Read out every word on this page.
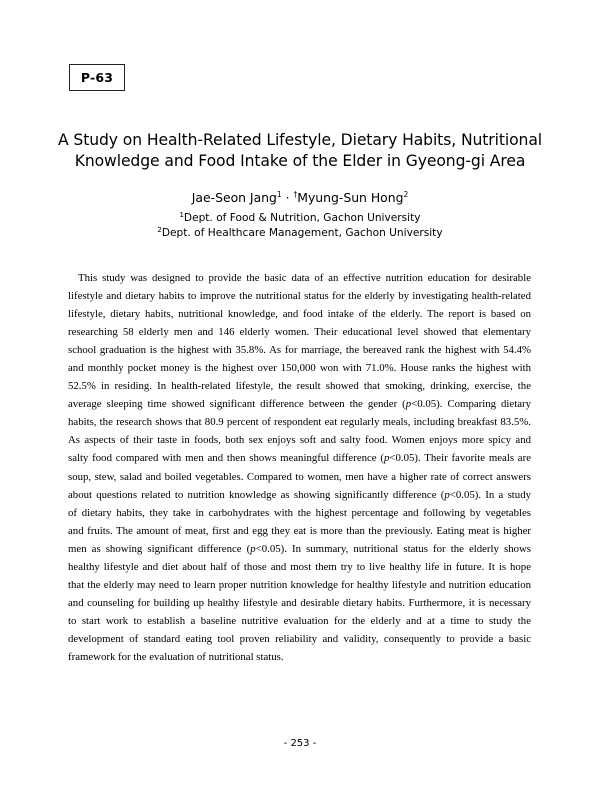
P-63
A Study on Health-Related Lifestyle, Dietary Habits, Nutritional
Knowledge and Food Intake of the Elder in Gyeong-gi Area
Jae-Seon Jang$^1$ · †Myung-Sun Hong$^2$
$^1$Dept. of Food & Nutrition, Gachon University
$^2$Dept. of Healthcare Management, Gachon University
This study was designed to provide the basic data of an effective nutrition education for desirable
lifestyle and dietary habits to improve the nutritional status for the elderly by investigating health-related
lifestyle, dietary habits, nutritional knowledge, and food intake of the elderly. The report is based on
researching 58 elderly men and 146 elderly women. Their educational level showed that elementary
school graduation is the highest with 35.8%. As for marriage, the bereaved rank the highest with 54.4%
and monthly pocket money is the highest over 150,000 won with 71.0%. House ranks the highest with
52.5% in residing. In health-related lifestyle, the result showed that smoking, drinking, exercise, the
average sleeping time showed significant difference between the gender (p<0.05). Comparing dietary
habits, the research shows that 80.9 percent of respondent eat regularly meals, including breakfast 83.5%.
As aspects of their taste in foods, both sex enjoys soft and salty food. Women enjoys more spicy and
salty food compared with men and then shows meaningful difference (p<0.05). Their favorite meals are
soup, stew, salad and boiled vegetables. Compared to women, men have a higher rate of correct answers
about questions related to nutrition knowledge as showing significantly difference (p<0.05). In a study
of dietary habits, they take in carbohydrates with the highest percentage and following by vegetables
and fruits. The amount of meat, first and egg they eat is more than the previously. Eating meat is higher
men as showing significant difference (p<0.05). In summary, nutritional status for the elderly shows
healthy lifestyle and diet about half of those and most them try to live healthy life in future. It is hope
that the elderly may need to learn proper nutrition knowledge for healthy lifestyle and nutrition education
and counseling for building up healthy lifestyle and desirable dietary habits. Furthermore, it is necessary
to start work to establish a baseline nutritive evaluation for the elderly and at a time to study the
development of standard eating tool proven reliability and validity, consequently to provide a basic
framework for the evaluation of nutritional status.
- 253 -
